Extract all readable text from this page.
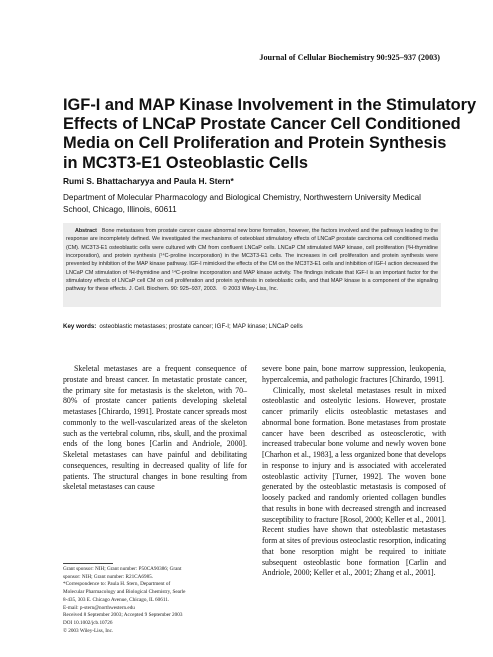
Journal of Cellular Biochemistry 90:925–937 (2003)
IGF-I and MAP Kinase Involvement in the Stimulatory
Effects of LNCaP Prostate Cancer Cell Conditioned
Media on Cell Proliferation and Protein Synthesis
in MC3T3-E1 Osteoblastic Cells
Rumi S. Bhattacharyya and Paula H. Stern*
Department of Molecular Pharmacology and Biological Chemistry, Northwestern University Medical School, Chicago, Illinois, 60611
Abstract Bone metastases from prostate cancer cause abnormal new bone formation, however, the factors involved and the pathways leading to the response are incompletely defined. We investigated the mechanisms of osteoblast stimulatory effects of LNCaP prostate carcinoma cell conditioned media (CM). MC3T3-E1 osteoblastic cells were cultured with CM from confluent LNCaP cells. LNCaP CM stimulated MAP kinase, cell proliferation (³H-thymidine incorporation), and protein synthesis (¹⁴C-proline incorporation) in the MC3T3-E1 cells. The increases in cell proliferation and protein synthesis were prevented by inhibition of the MAP kinase pathway. IGF-I mimicked the effects of the CM on the MC3T3-E1 cells and inhibition of IGF-I action decreased the LNCaP CM stimulation of ³H-thymidine and ¹⁴C-proline incorporation and MAP kinase activity. The findings indicate that IGF-I is an important factor for the stimulatory effects of LNCaP cell CM on cell proliferation and protein synthesis in osteoblastic cells, and that MAP kinase is a component of the signaling pathway for these effects. J. Cell. Biochem. 90: 925–937, 2003. © 2003 Wiley-Liss, Inc.
Key words: osteoblastic metastases; prostate cancer; IGF-I; MAP kinase; LNCaP cells

Skeletal metastases are a frequent consequence of prostate and breast cancer. In metastatic prostate cancer, the primary site for metastasis is the skeleton, with 70–80% of prostate cancer patients developing skeletal metastases [Chirardo, 1991]. Prostate cancer spreads most commonly to the well-vascularized areas of the skeleton such as the vertebral column, ribs, skull, and the proximal ends of the long bones [Carlin and Andriole, 2000]. Skeletal metastases can have painful and debilitating consequences, resulting in decreased quality of life for patients. The structural changes in bone resulting from skeletal metastases can cause

severe bone pain, bone marrow suppression, leukopenia, hypercalcemia, and pathologic fractures [Chirardo, 1991].

Clinically, most skeletal metastases result in mixed osteoblastic and osteolytic lesions. However, prostate cancer primarily elicits osteoblastic metastases and abnormal bone formation. Bone metastases from prostate cancer have been described as osteosclerotic, with increased trabecular bone volume and newly woven bone [Charhon et al., 1983], a less organized bone that develops in response to injury and is associated with accelerated osteoblastic activity [Turner, 1992]. The woven bone generated by the osteoblastic metastasis is composed of loosely packed and randomly oriented collagen bundles that results in bone with decreased strength and increased susceptibility to fracture [Rosol, 2000; Keller et al., 2001]. Recent studies have shown that osteoblastic metastases form at sites of previous osteoclastic resorption, indicating that bone resorption might be required to initiate subsequent osteoblastic bone formation [Carlin and Andriole, 2000; Keller et al., 2001; Zhang et al., 2001].

Grant sponsor: NIH; Grant number: P50CA90386; Grant
sponsor: NIH; Grant number: R21CA6985.
*Correspondence to: Paula H. Stern, Department of
Molecular Pharmacology and Biological Chemistry, Searle
8-435, 303 E. Chicago Avenue, Chicago, IL 60611.
E-mail: p-stern@northwestern.edu
Received 8 September 2003; Accepted 9 September 2003
DOI 10.1002/jcb.10726
© 2003 Wiley-Liss, Inc.
